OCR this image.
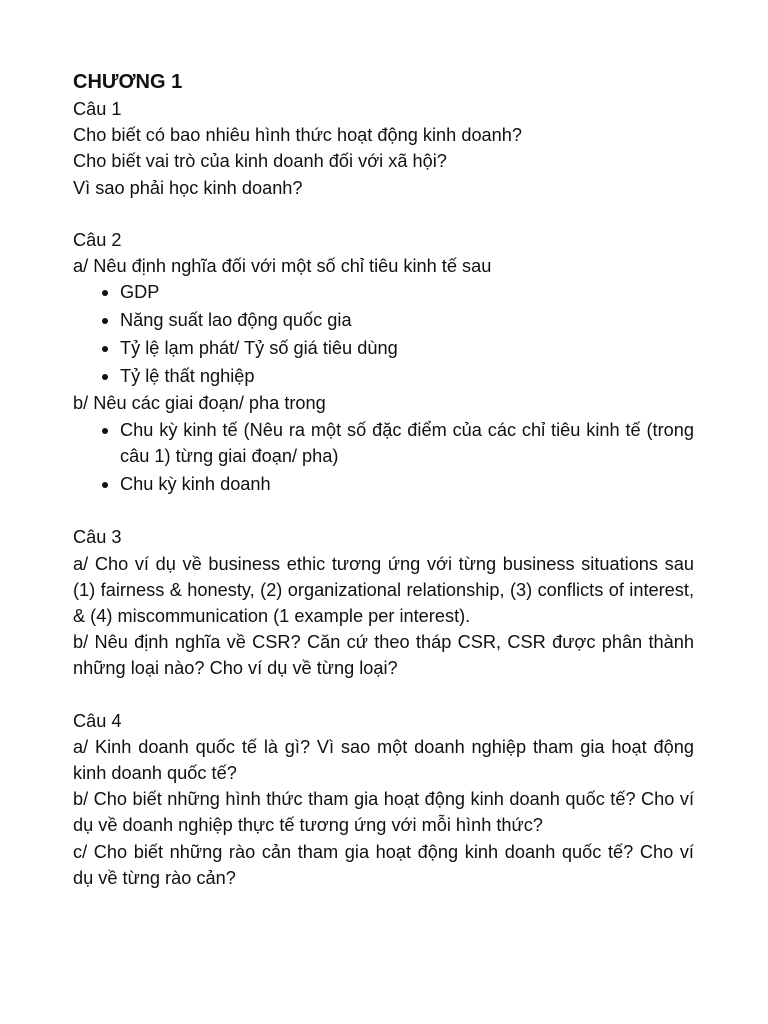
CHƯƠNG 1

Câu 1

Cho biết có bao nhiêu hình thức hoạt động kinh doanh?

Cho biết vai trò của kinh doanh đối với xã hội?

Vì sao phải học kinh doanh?

Câu 2

a/ Nêu định nghĩa đối với một số chỉ tiêu kinh tế sau

GDP
Năng suất lao động quốc gia
Tỷ lệ lạm phát/ Tỷ số giá tiêu dùng
Tỷ lệ thất nghiệp

b/ Nêu các giai đoạn/ pha trong

Chu kỳ kinh tế (Nêu ra một số đặc điểm của các chỉ tiêu kinh tế (trong câu 1) từng giai đoạn/ pha)
Chu kỳ kinh doanh

Câu 3

a/ Cho ví dụ về business ethic tương ứng với từng business situations sau (1) fairness & honesty, (2) organizational relationship, (3) conflicts of interest, & (4) miscommunication (1 example per interest).

b/ Nêu định nghĩa về CSR? Căn cứ theo tháp CSR, CSR được phân thành những loại nào? Cho ví dụ về từng loại?

Câu 4

a/ Kinh doanh quốc tế là gì? Vì sao một doanh nghiệp tham gia hoạt động kinh doanh quốc tế?

b/ Cho biết những hình thức tham gia hoạt động kinh doanh quốc tế? Cho ví dụ về doanh nghiệp thực tế tương ứng với mỗi hình thức?

c/ Cho biết những rào cản tham gia hoạt động kinh doanh quốc tế? Cho ví dụ về từng rào cản?
